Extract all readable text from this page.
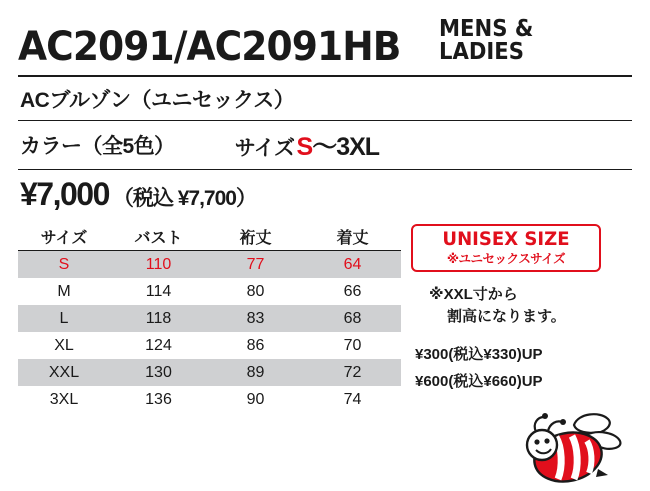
AC2091/AC2091HB MENS & LADIES
ACブルゾン（ユニセックス）
カラー（全5色）	サイズ S～3XL
¥7,000 （税込 ¥7,700）
サイズ	バスト	裄丈	着丈
S	110	77	64
M	114	80	66
L	118	83	68
XL	124	86	70
XXL	130	89	72
3XL	136	90	74
UNISEX SIZE
※ユニセックスサイズ
※XXL寸から
割高になります。
¥300(税込¥330)UP
¥600(税込¥660)UP
